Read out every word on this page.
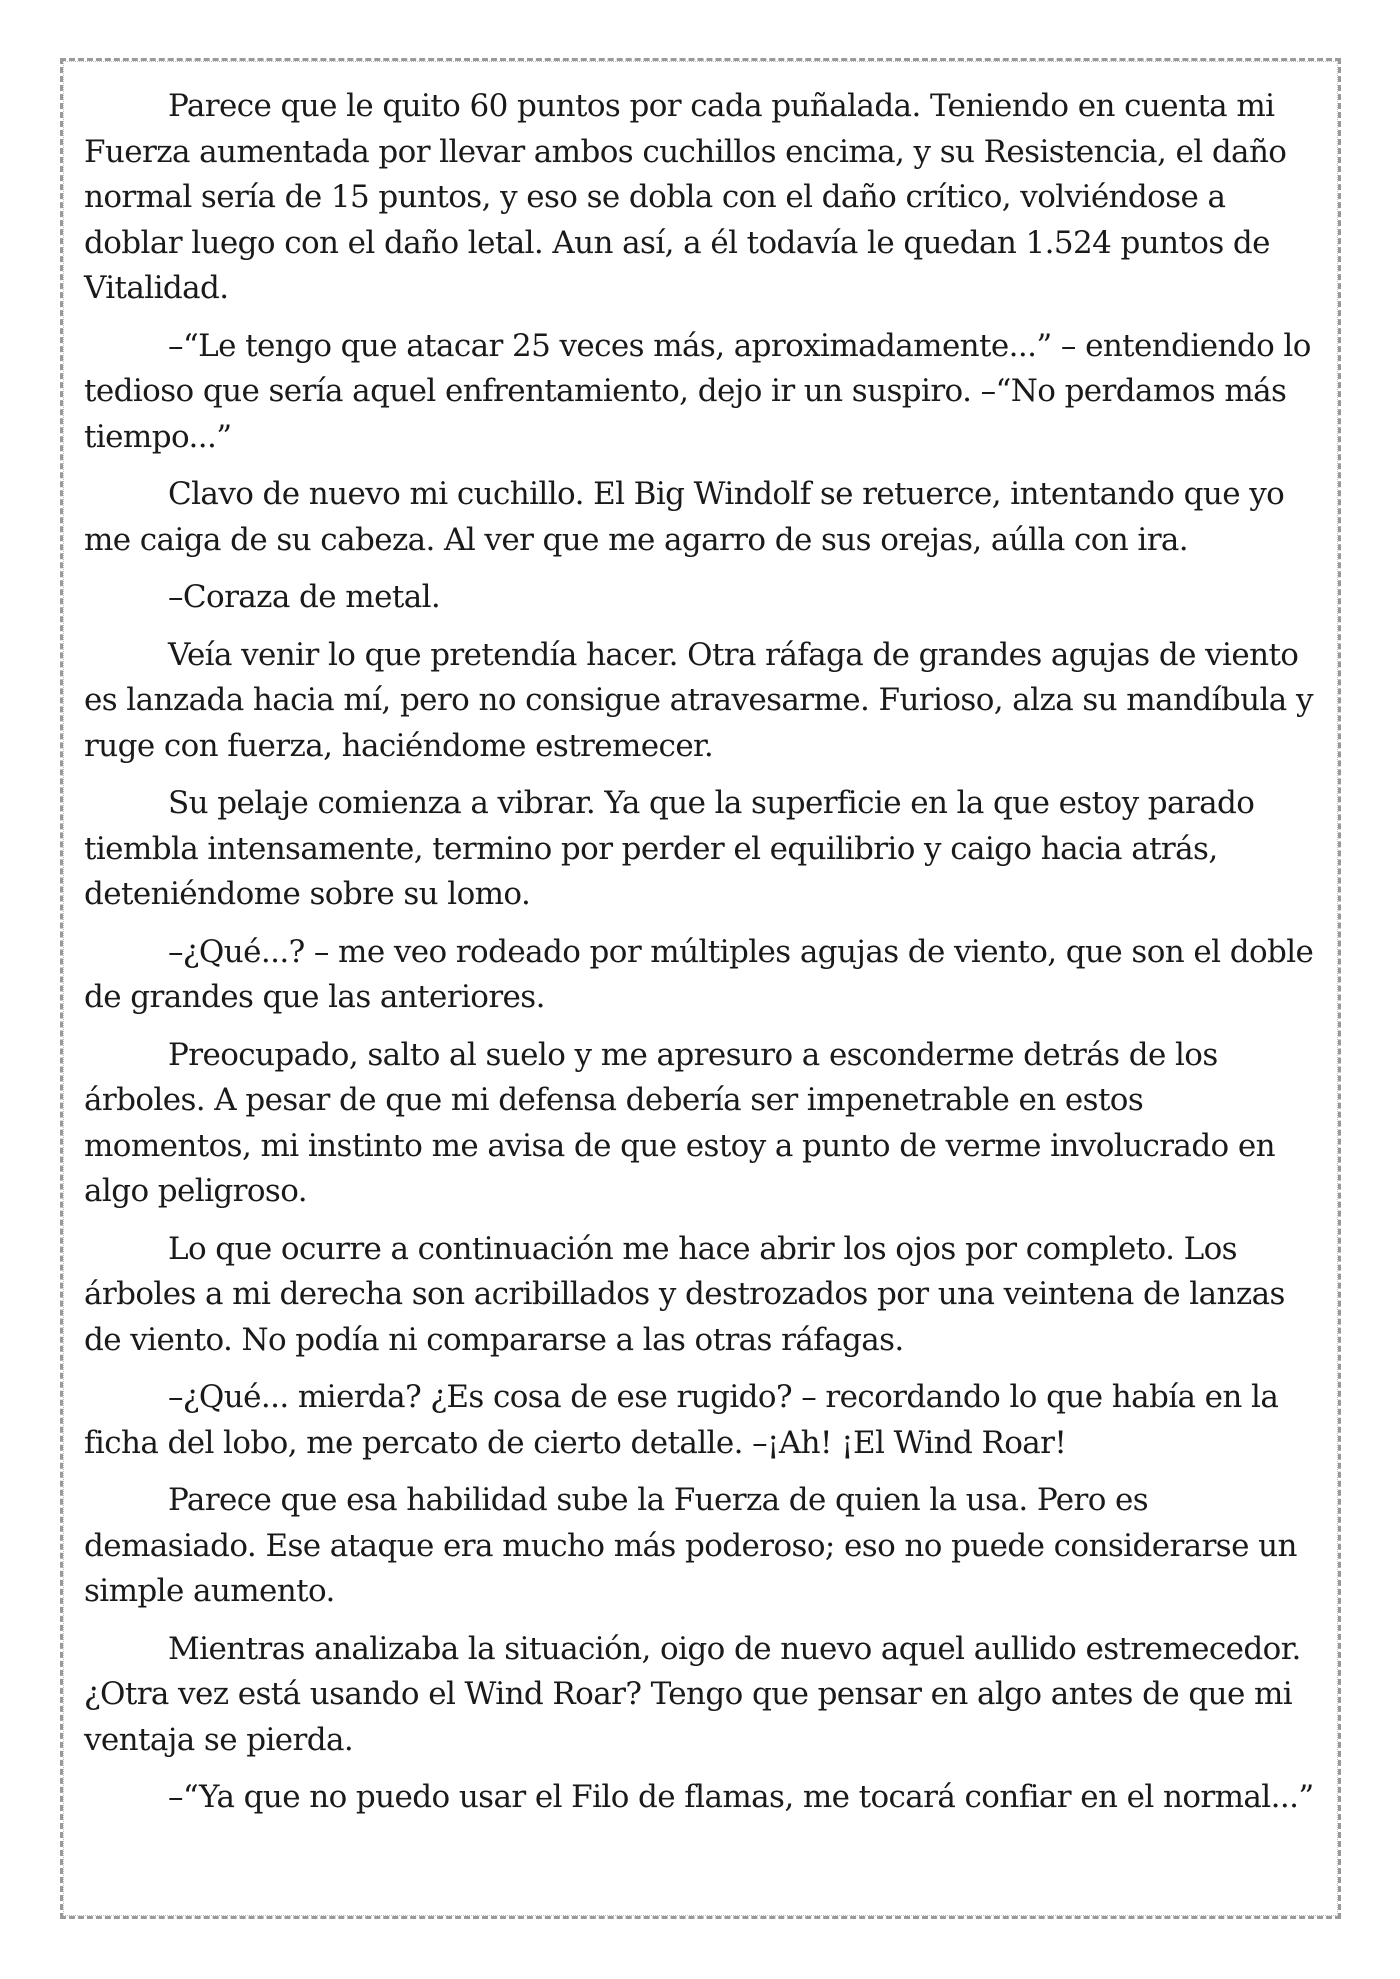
Parece que le quito 60 puntos por cada puñalada. Teniendo en cuenta mi Fuerza aumentada por llevar ambos cuchillos encima, y su Resistencia, el daño normal sería de 15 puntos, y eso se dobla con el daño crítico, volviéndose a doblar luego con el daño letal. Aun así, a él todavía le quedan 1.524 puntos de Vitalidad.

–“Le tengo que atacar 25 veces más, aproximadamente...” – entendiendo lo tedioso que sería aquel enfrentamiento, dejo ir un suspiro. –“No perdamos más tiempo...”

Clavo de nuevo mi cuchillo. El Big Windolf se retuerce, intentando que yo me caiga de su cabeza. Al ver que me agarro de sus orejas, aúlla con ira.

–Coraza de metal.

Veía venir lo que pretendía hacer. Otra ráfaga de grandes agujas de viento es lanzada hacia mí, pero no consigue atravesarme. Furioso, alza su mandíbula y ruge con fuerza, haciéndome estremecer.

Su pelaje comienza a vibrar. Ya que la superficie en la que estoy parado tiembla intensamente, termino por perder el equilibrio y caigo hacia atrás, deteniéndome sobre su lomo.

–¿Qué...? – me veo rodeado por múltiples agujas de viento, que son el doble de grandes que las anteriores.

Preocupado, salto al suelo y me apresuro a esconderme detrás de los árboles. A pesar de que mi defensa debería ser impenetrable en estos momentos, mi instinto me avisa de que estoy a punto de verme involucrado en algo peligroso.

Lo que ocurre a continuación me hace abrir los ojos por completo. Los árboles a mi derecha son acribillados y destrozados por una veintena de lanzas de viento. No podía ni compararse a las otras ráfagas.

–¿Qué... mierda? ¿Es cosa de ese rugido? – recordando lo que había en la ficha del lobo, me percato de cierto detalle. –¡Ah! ¡El Wind Roar!

Parece que esa habilidad sube la Fuerza de quien la usa. Pero es demasiado. Ese ataque era mucho más poderoso; eso no puede considerarse un simple aumento.

Mientras analizaba la situación, oigo de nuevo aquel aullido estremecedor. ¿Otra vez está usando el Wind Roar? Tengo que pensar en algo antes de que mi ventaja se pierda.

–“Ya que no puedo usar el Filo de flamas, me tocará confiar en el normal...”
